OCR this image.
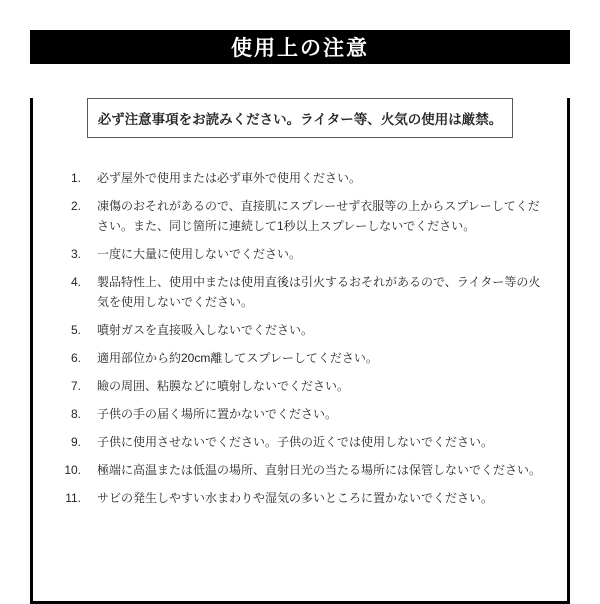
使用上の注意
必ず注意事項をお読みください。ライター等、火気の使用は厳禁。
1. 必ず屋外で使用または必ず車外で使用ください。
2. 凍傷のおそれがあるので、直接肌にスプレーせず衣服等の上からスプレーしてください。また、同じ箇所に連続して1秒以上スプレーしないでください。
3. 一度に大量に使用しないでください。
4. 製品特性上、使用中または使用直後は引火するおそれがあるので、ライター等の火気を使用しないでください。
5. 噴射ガスを直接吸入しないでください。
6. 適用部位から約20cm離してスプレーしてください。
7. 瞼の周囲、粘膜などに噴射しないでください。
8. 子供の手の届く場所に置かないでください。
9. 子供に使用させないでください。子供の近くでは使用しないでください。
10. 極端に高温または低温の場所、直射日光の当たる場所には保管しないでください。
11. サビの発生しやすい水まわりや湿気の多いところに置かないでください。
